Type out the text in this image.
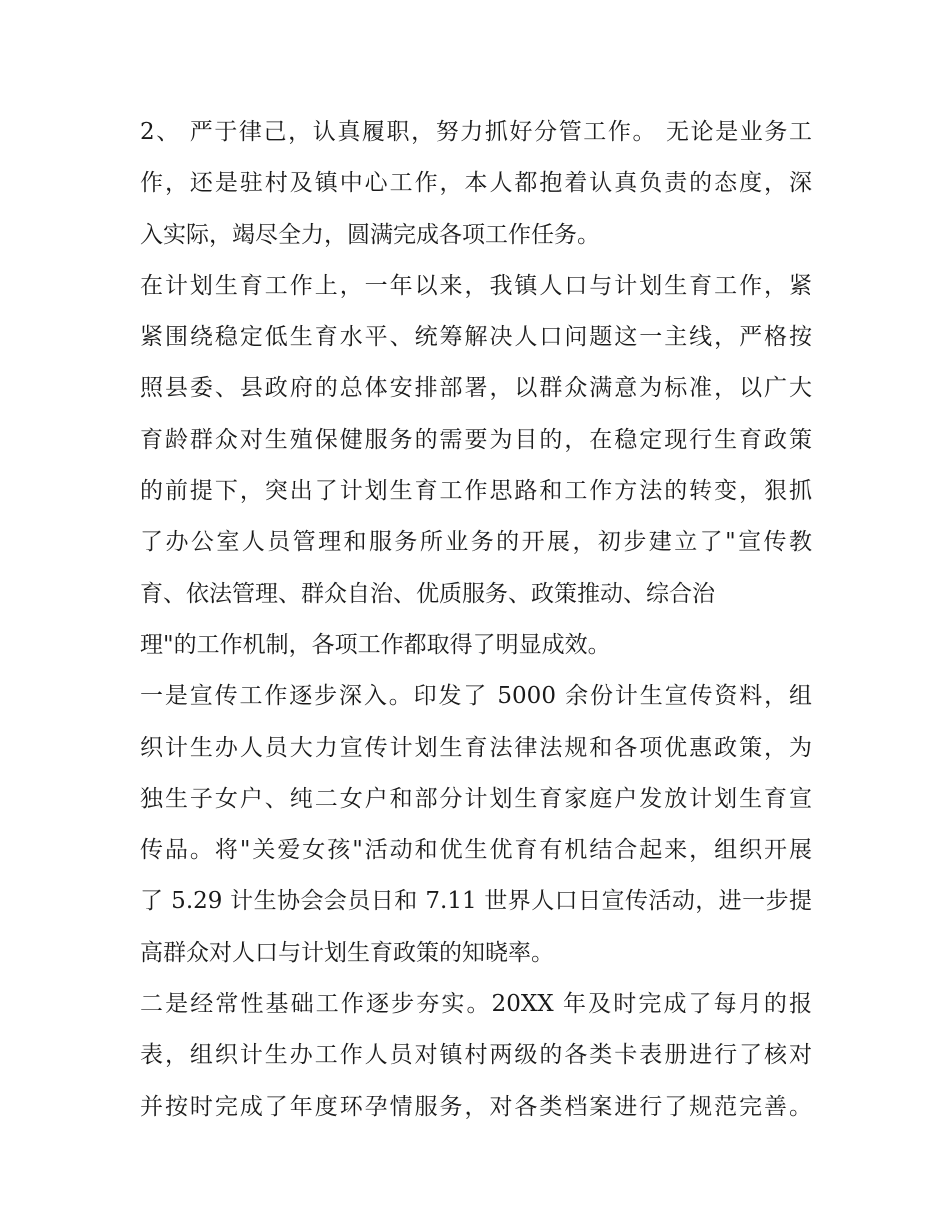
2、 严于律己，认真履职，努力抓好分管工作。 无论是业务工
作，还是驻村及镇中心工作，本人都抱着认真负责的态度，深
入实际，竭尽全力，圆满完成各项工作任务。
在计划生育工作上，一年以来，我镇人口与计划生育工作，紧
紧围绕稳定低生育水平、统筹解决人口问题这一主线，严格按
照县委、县政府的总体安排部署，以群众满意为标准，以广大
育龄群众对生殖保健服务的需要为目的，在稳定现行生育政策
的前提下，突出了计划生育工作思路和工作方法的转变，狠抓
了办公室人员管理和服务所业务的开展，初步建立了"宣传教
育、依法管理、群众自治、优质服务、政策推动、综合治
理"的工作机制，各项工作都取得了明显成效。
一是宣传工作逐步深入。印发了 5000 余份计生宣传资料，组
织计生办人员大力宣传计划生育法律法规和各项优惠政策，为
独生子女户、纯二女户和部分计划生育家庭户发放计划生育宣
传品。将"关爱女孩"活动和优生优育有机结合起来，组织开展
了 5.29 计生协会会员日和 7.11 世界人口日宣传活动，进一步提
高群众对人口与计划生育政策的知晓率。
二是经常性基础工作逐步夯实。20XX 年及时完成了每月的报
表，组织计生办工作人员对镇村两级的各类卡表册进行了核对
并按时完成了年度环孕情服务，对各类档案进行了规范完善。
